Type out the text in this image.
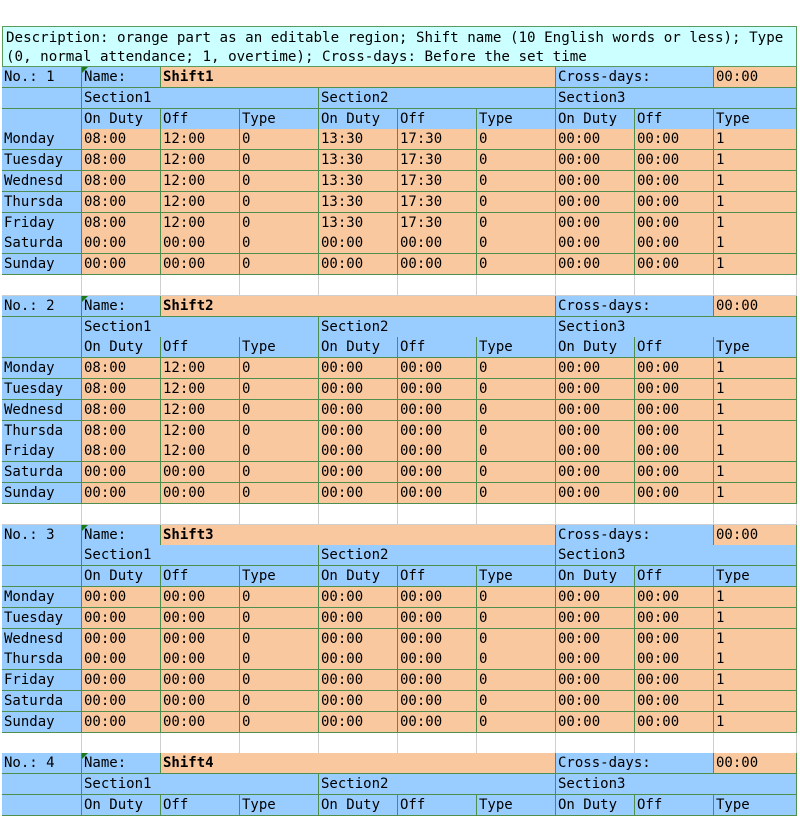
Description: orange part as an editable region; Shift name (10 English words or less); Type (0, normal attendance; 1, overtime); Cross-days: Before the set time
No.: 1	Name:	Shift1	Cross-days:	00:00
Section1	Section2	Section3
On Duty	Off	Type	On Duty	Off	Type	On Duty	Off	Type
Monday	08:00	12:00	0	13:30	17:30	0	00:00	00:00	1
Tuesday	08:00	12:00	0	13:30	17:30	0	00:00	00:00	1
Wednesd	08:00	12:00	0	13:30	17:30	0	00:00	00:00	1
Thursda	08:00	12:00	0	13:30	17:30	0	00:00	00:00	1
Friday	08:00	12:00	0	13:30	17:30	0	00:00	00:00	1
Saturda	00:00	00:00	0	00:00	00:00	0	00:00	00:00	1
Sunday	00:00	00:00	0	00:00	00:00	0	00:00	00:00	1
No.: 2	Name:	Shift2	Cross-days:	00:00
Section1	Section2	Section3
On Duty	Off	Type	On Duty	Off	Type	On Duty	Off	Type
Monday	08:00	12:00	0	00:00	00:00	0	00:00	00:00	1
Tuesday	08:00	12:00	0	00:00	00:00	0	00:00	00:00	1
Wednesd	08:00	12:00	0	00:00	00:00	0	00:00	00:00	1
Thursda	08:00	12:00	0	00:00	00:00	0	00:00	00:00	1
Friday	08:00	12:00	0	00:00	00:00	0	00:00	00:00	1
Saturda	00:00	00:00	0	00:00	00:00	0	00:00	00:00	1
Sunday	00:00	00:00	0	00:00	00:00	0	00:00	00:00	1
No.: 3	Name:	Shift3	Cross-days:	00:00
Section1	Section2	Section3
On Duty	Off	Type	On Duty	Off	Type	On Duty	Off	Type
Monday	00:00	00:00	0	00:00	00:00	0	00:00	00:00	1
Tuesday	00:00	00:00	0	00:00	00:00	0	00:00	00:00	1
Wednesd	00:00	00:00	0	00:00	00:00	0	00:00	00:00	1
Thursda	00:00	00:00	0	00:00	00:00	0	00:00	00:00	1
Friday	00:00	00:00	0	00:00	00:00	0	00:00	00:00	1
Saturda	00:00	00:00	0	00:00	00:00	0	00:00	00:00	1
Sunday	00:00	00:00	0	00:00	00:00	0	00:00	00:00	1
No.: 4	Name:	Shift4	Cross-days:	00:00
Section1	Section2	Section3
On Duty	Off	Type	On Duty	Off	Type	On Duty	Off	Type
